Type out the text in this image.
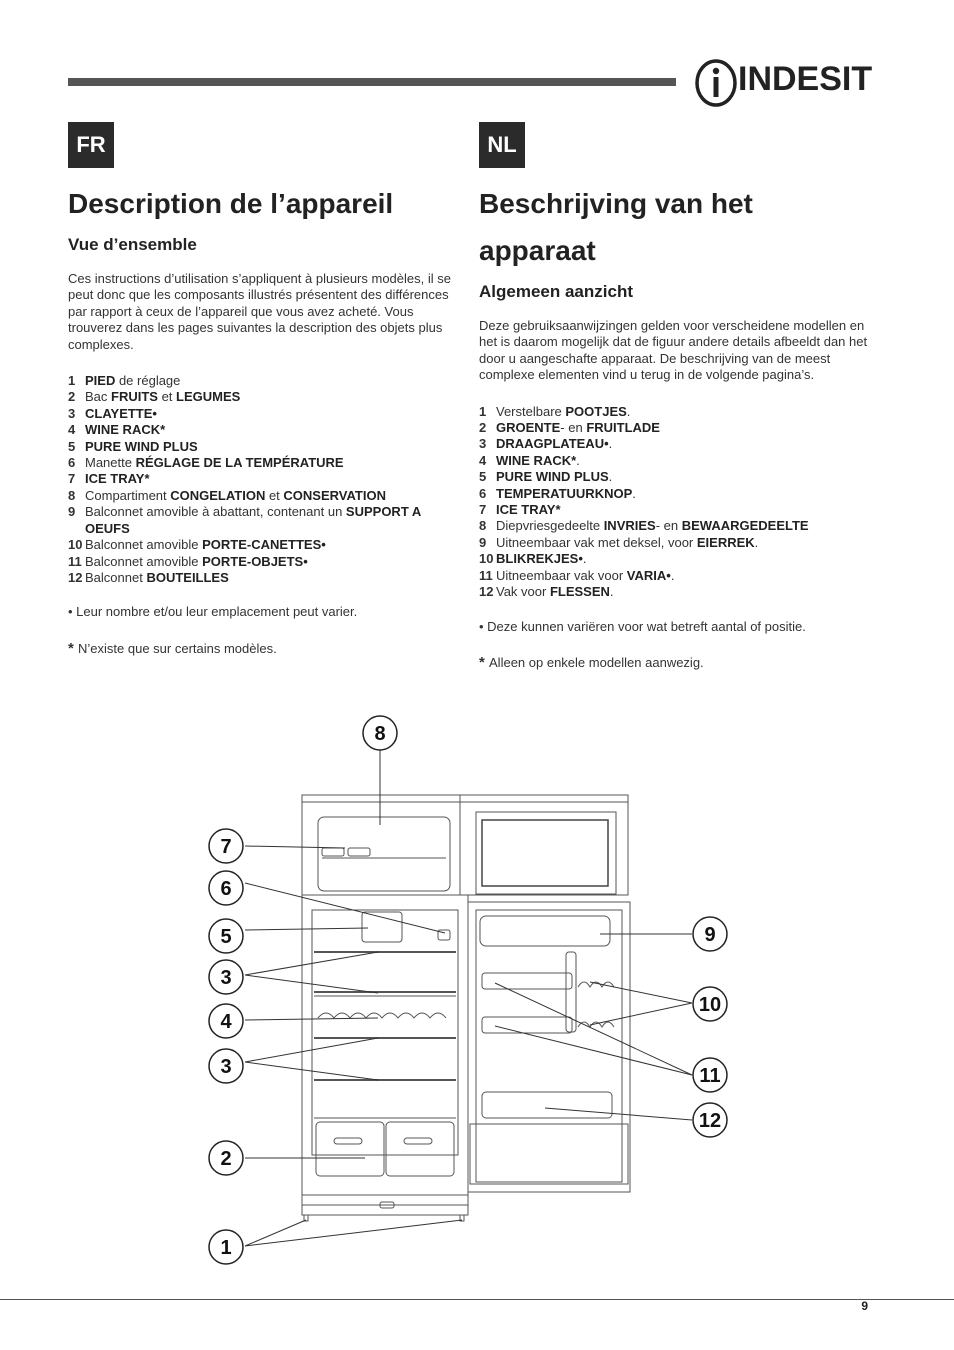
INDESIT
FR	NL
Description de l’appareil
Vue d’ensemble

Ces instructions d’utilisation s’appliquent à plusieurs modèles, il se peut donc que les composants illustrés présentent des différences par rapport à ceux de l’appareil que vous avez acheté. Vous trouverez dans les pages suivantes la description des objets plus complexes.

1 PIED de réglage
2 Bac FRUITS et LEGUMES
3 CLAYETTE•
4 WINE RACK*
5 PURE WIND PLUS
6 Manette RÉGLAGE DE LA TEMPÉRATURE
7 ICE TRAY*
8 Compartiment CONGELATION et CONSERVATION
9 Balconnet amovible à abattant, contenant un SUPPORT A OEUFS
10 Balconnet amovible PORTE-CANETTES•
11 Balconnet amovible PORTE-OBJETS•
12 Balconnet BOUTEILLES

• Leur nombre et/ou leur emplacement peut varier.

* N’existe que sur certains modèles.

Beschrijving van het apparaat
Algemeen aanzicht

Deze gebruiksaanwijzingen gelden voor verscheidene modellen en het is daarom mogelijk dat de figuur andere details afbeeldt dan het door u aangeschafte apparaat. De beschrijving van de meest complexe elementen vind u terug in de volgende pagina’s.

1 Verstelbare POOTJES.
2 GROENTE- en FRUITLADE
3 DRAAGPLATEAU•.
4 WINE RACK*.
5 PURE WIND PLUS.
6 TEMPERATUURKNOP.
7 ICE TRAY*
8 Diepvriesgedeelte INVRIES- en BEWAARGEDEELTE
9 Uitneembaar vak met deksel, voor EIERREK.
10 BLIKREKJES•.
11 Uitneembaar vak voor VARIA•.
12 Vak voor FLESSEN.

• Deze kunnen variëren voor wat betreft aantal of positie.

* Alleen op enkele modellen aanwezig.

8
7
6
5
3
4
3
2
1
9
10
11
12
9
